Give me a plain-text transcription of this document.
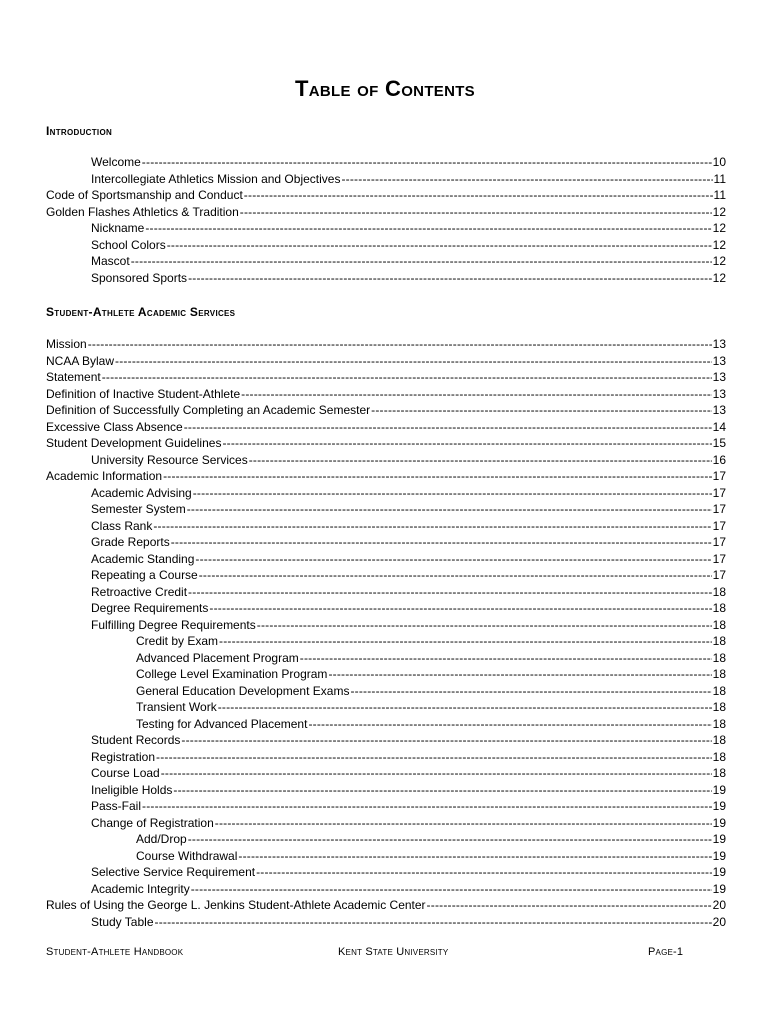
Table of Contents
Introduction
Welcome -----	10
Intercollegiate Athletics Mission and Objectives -----	11
Code of Sportsmanship and Conduct -----	11
Golden Flashes Athletics & Tradition -----	12
Nickname -----	12
School Colors -----	12
Mascot -----	12
Sponsored Sports -----	12
Student-Athlete Academic Services
Mission -----	13
NCAA Bylaw -----	13
Statement -----	13
Definition of Inactive Student-Athlete -----	13
Definition of Successfully Completing an Academic Semester -----	13
Excessive Class Absence -----	14
Student Development Guidelines -----	15
University Resource Services -----	16
Academic Information -----	17
Academic Advising -----	17
Semester System -----	17
Class Rank -----	17
Grade Reports -----	17
Academic Standing -----	17
Repeating a Course -----	17
Retroactive Credit -----	18
Degree Requirements -----	18
Fulfilling Degree Requirements -----	18
Credit by Exam -----	18
Advanced Placement Program -----	18
College Level Examination Program -----	18
General Education Development Exams -----	18
Transient Work -----	18
Testing for Advanced Placement -----	18
Student Records -----	18
Registration -----	18
Course Load -----	18
Ineligible Holds -----	19
Pass-Fail -----	19
Change of Registration -----	19
Add/Drop -----	19
Course Withdrawal -----	19
Selective Service Requirement -----	19
Academic Integrity -----	19
Rules of Using the George L. Jenkins Student-Athlete Academic Center -----	20
Study Table -----	20
Student-Athlete Handbook	Kent State University	Page-1
